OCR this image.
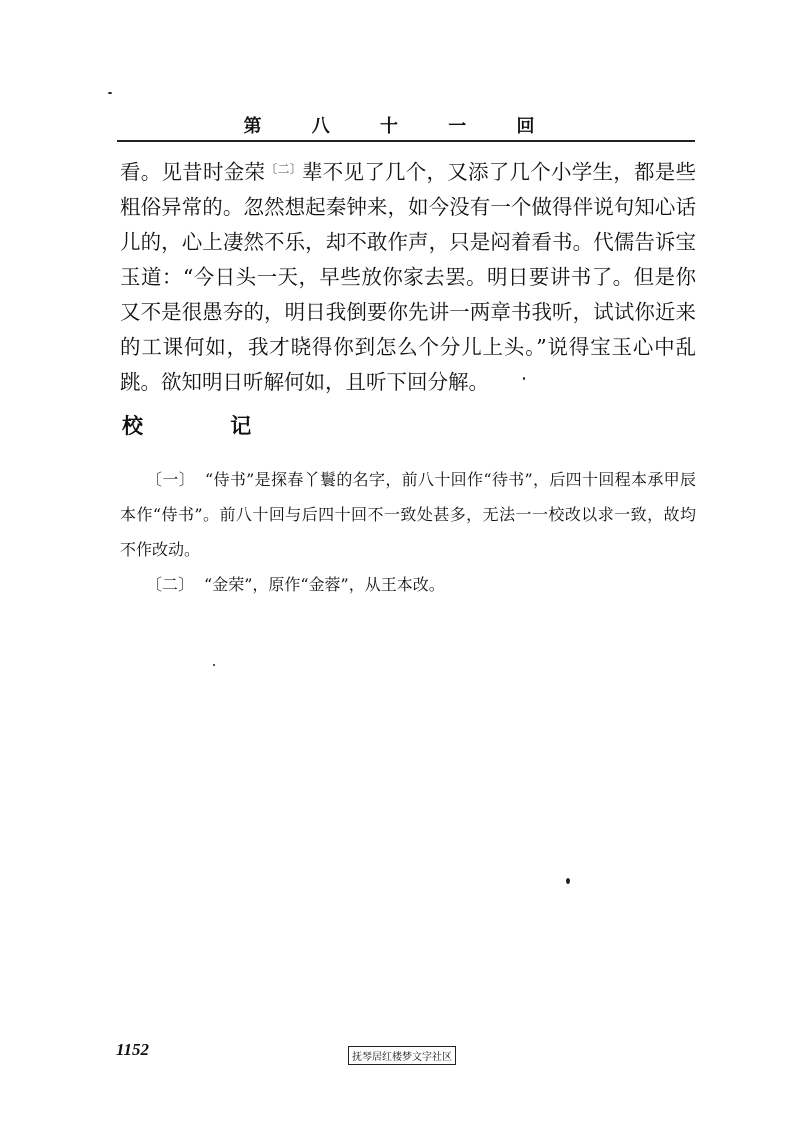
第 八 十 一 回
看。见昔时金荣$^{〔二〕}$辈不见了几个，又添了几个小学生，都是些粗俗异常的。忽然想起秦钟来，如今没有一个做得伴说句知心话儿的，心上凄然不乐，却不敢作声，只是闷着看书。代儒告诉宝玉道：“今日头一天，早些放你家去罢。明日要讲书了。但是你又不是很愚夯的，明日我倒要你先讲一两章书我听，试试你近来的工课何如，我才晓得你到怎么个分儿上头。”说得宝玉心中乱跳。欲知明日听解何如，且听下回分解。
校 记

〔一〕 “侍书”是探春丫鬟的名字，前八十回作“待书”，后四十回程本承甲辰本作“侍书”。前八十回与后四十回不一致处甚多，无法一一校改以求一致，故均不作改动。

〔二〕 “金荣”，原作“金蓉”，从王本改。

1152	抚琴居红楼梦文字社区
